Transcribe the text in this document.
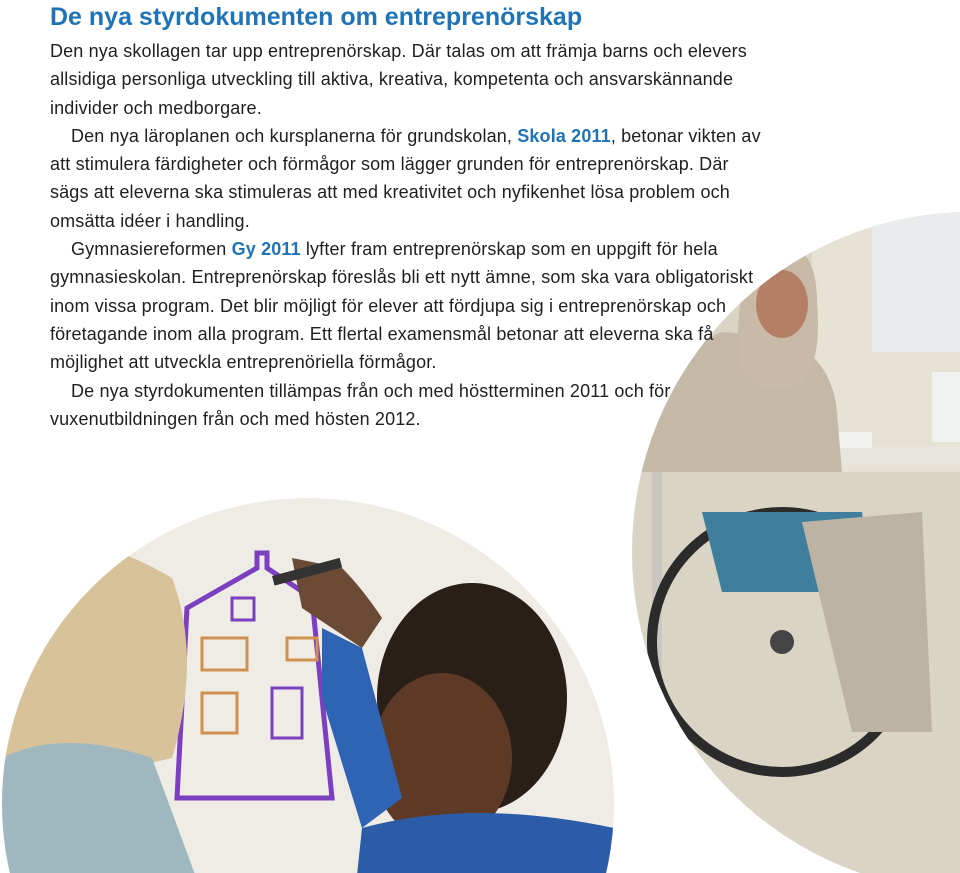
De nya styrdokumenten om entreprenörskap

Den nya skollagen tar upp entreprenörskap. Där talas om att främja barns och elevers allsidiga personliga utveckling till aktiva, kreativa, kompetenta och ansvarskännande individer och medborgare.

Den nya läroplanen och kursplanerna för grundskolan, Skola 2011, betonar vikten av att stimulera färdigheter och förmågor som lägger grunden för entreprenörskap. Där sägs att eleverna ska stimuleras att med kreativitet och nyfikenhet lösa problem och omsätta idéer i handling.

Gymnasiereformen Gy 2011 lyfter fram entreprenörskap som en uppgift för hela gymnasieskolan. Entreprenörskap föreslås bli ett nytt ämne, som ska vara obligatoriskt inom vissa program. Det blir möjligt för elever att fördjupa sig i entreprenörskap och företagande inom alla program. Ett flertal examensmål betonar att eleverna ska få möjlighet att utveckla entreprenöriella förmågor.

De nya styrdokumenten tillämpas från och med höstterminen 2011 och för vuxenutbildningen från och med hösten 2012.
